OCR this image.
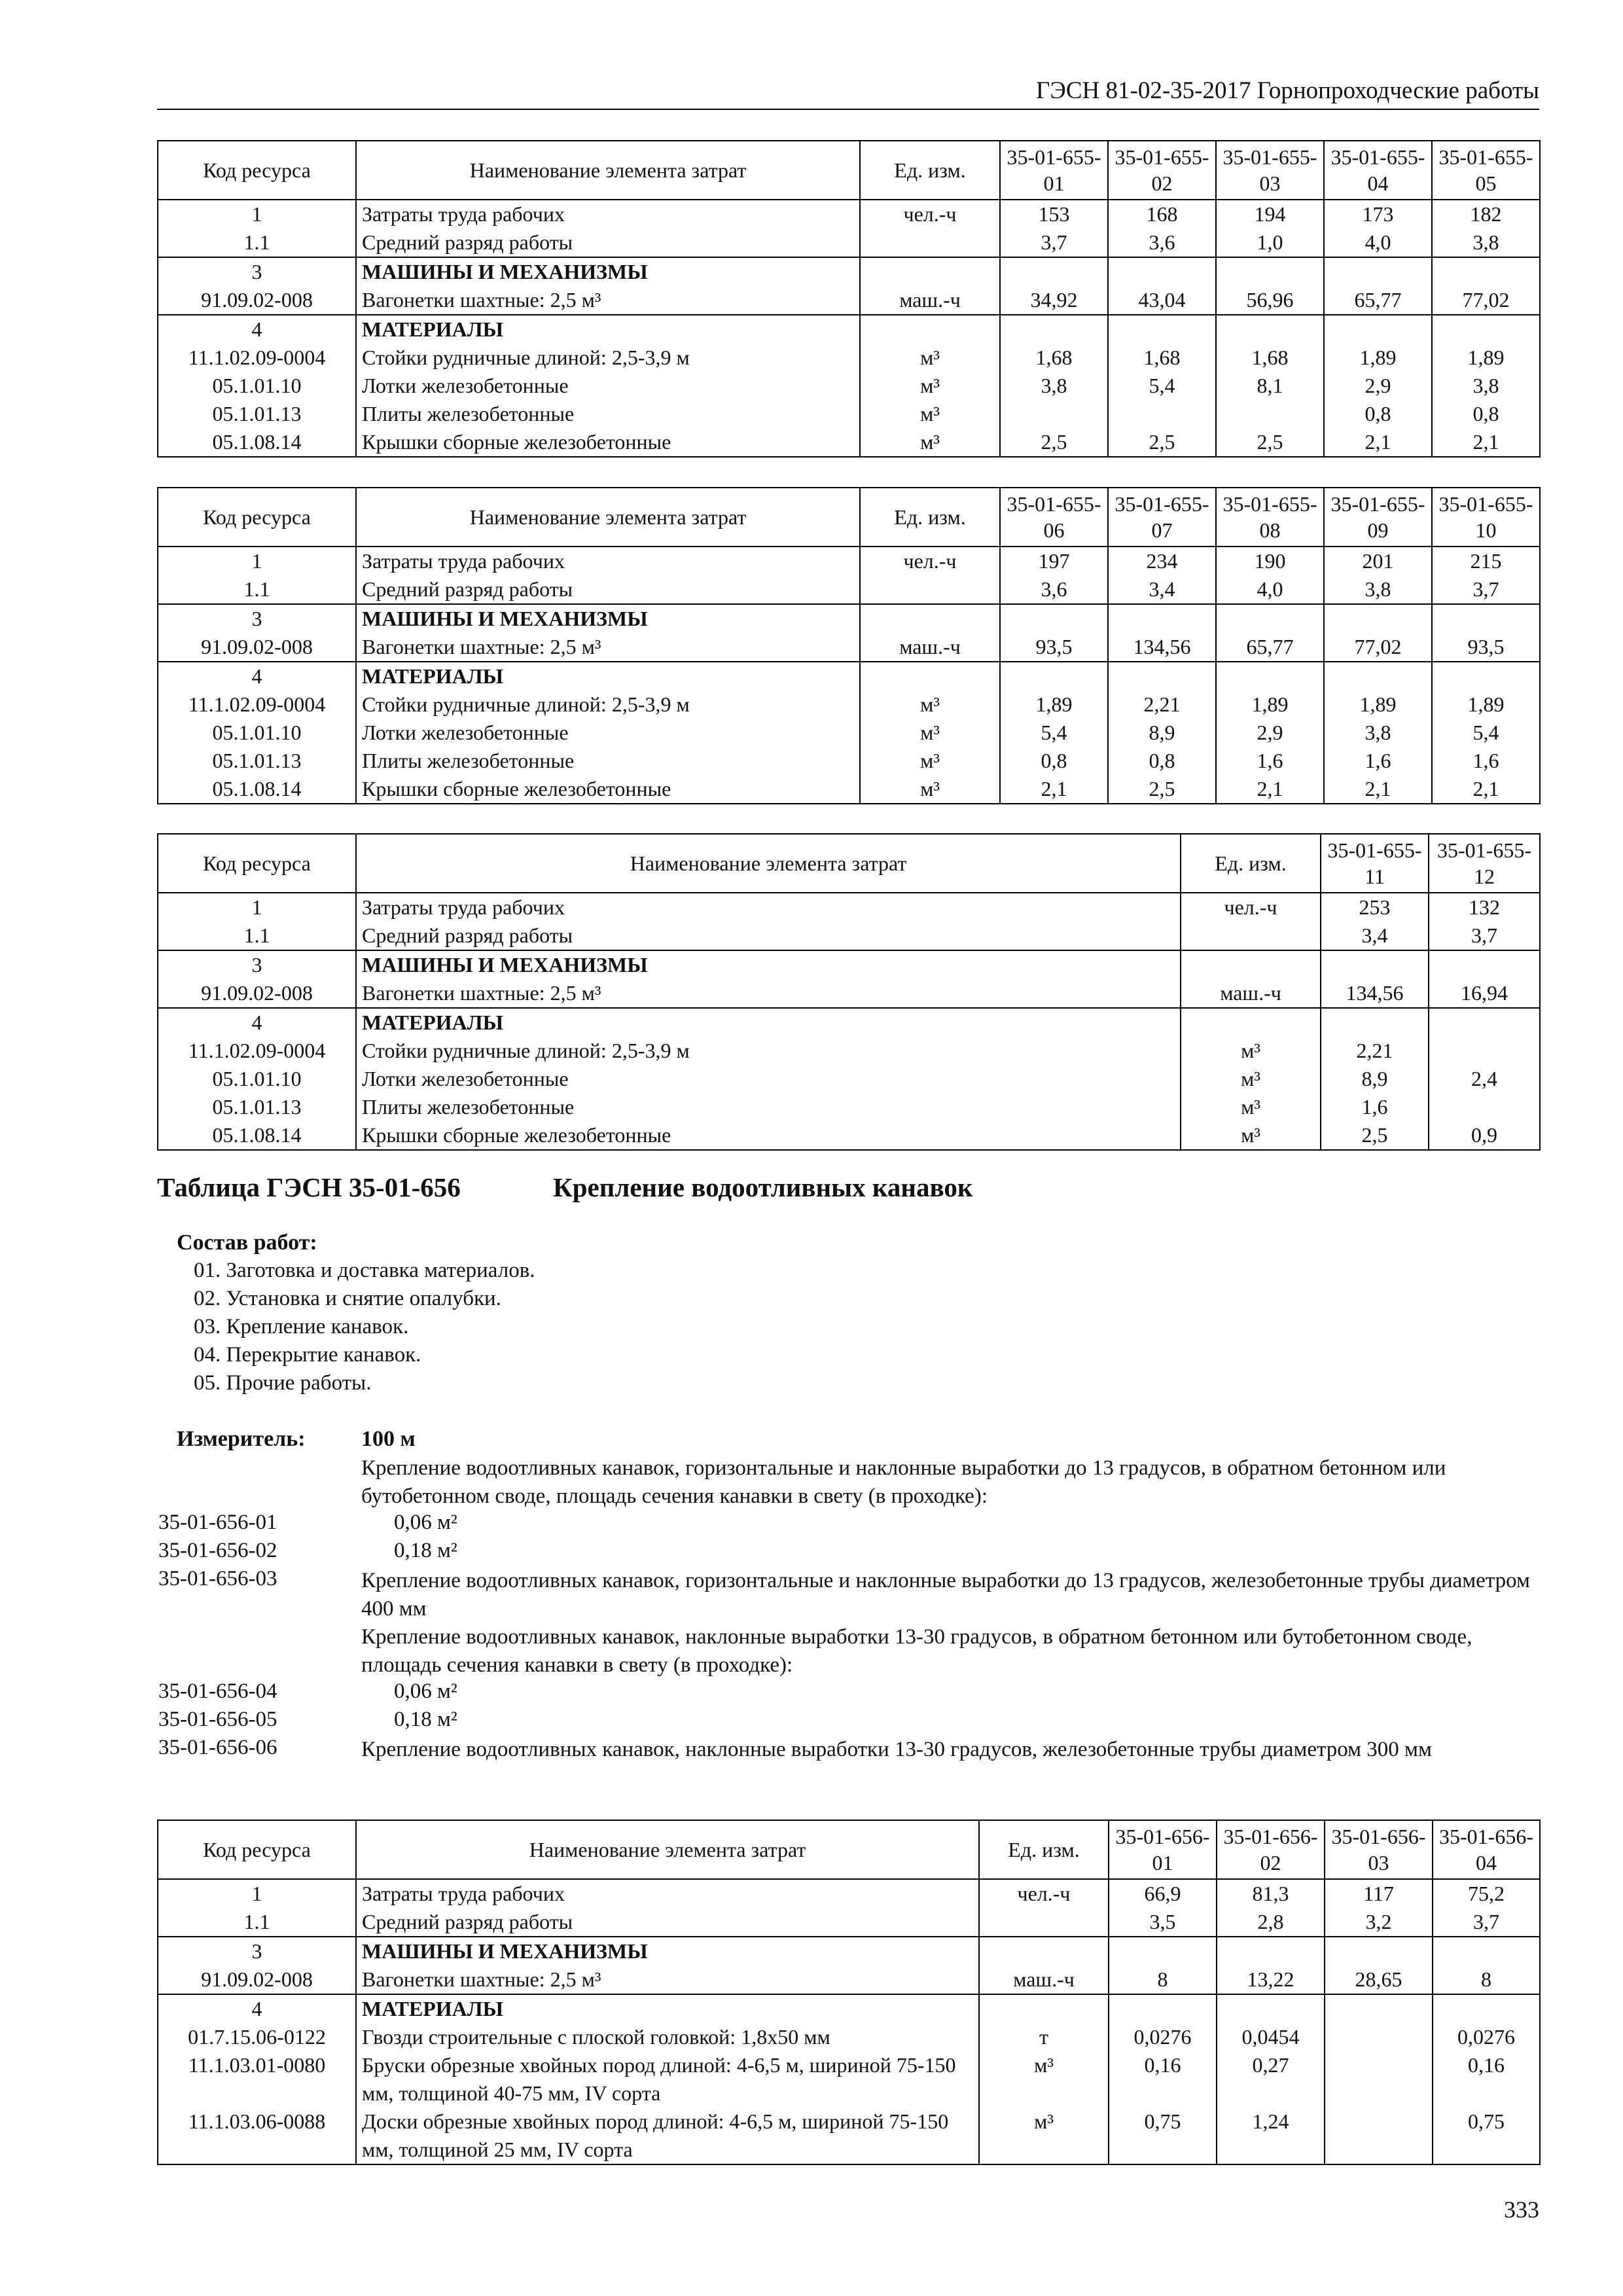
ГЭСН 81-02-35-2017 Горнопроходческие работы
Код ресурса	Наименование элемента затрат	Ед. изм.	35-01-655-01	35-01-655-02	35-01-655-03	35-01-655-04	35-01-655-05
1	Затраты труда рабочих	чел.-ч	153	168	194	173	182
1.1	Средний разряд работы		3,7	3,6	1,0	4,0	3,8
3	МАШИНЫ И МЕХАНИЗМЫ						
91.09.02-008	Вагонетки шахтные: 2,5 м³	маш.-ч	34,92	43,04	56,96	65,77	77,02
4	МАТЕРИАЛЫ						
11.1.02.09-0004	Стойки рудничные длиной: 2,5-3,9 м	м³	1,68	1,68	1,68	1,89	1,89
05.1.01.10	Лотки железобетонные	м³	3,8	5,4	8,1	2,9	3,8
05.1.01.13	Плиты железобетонные	м³				0,8	0,8
05.1.08.14	Крышки сборные железобетонные	м³	2,5	2,5	2,5	2,1	2,1
Код ресурса	Наименование элемента затрат	Ед. изм.	35-01-655-06	35-01-655-07	35-01-655-08	35-01-655-09	35-01-655-10
1	Затраты труда рабочих	чел.-ч	197	234	190	201	215
1.1	Средний разряд работы		3,6	3,4	4,0	3,8	3,7
3	МАШИНЫ И МЕХАНИЗМЫ						
91.09.02-008	Вагонетки шахтные: 2,5 м³	маш.-ч	93,5	134,56	65,77	77,02	93,5
4	МАТЕРИАЛЫ						
11.1.02.09-0004	Стойки рудничные длиной: 2,5-3,9 м	м³	1,89	2,21	1,89	1,89	1,89
05.1.01.10	Лотки железобетонные	м³	5,4	8,9	2,9	3,8	5,4
05.1.01.13	Плиты железобетонные	м³	0,8	0,8	1,6	1,6	1,6
05.1.08.14	Крышки сборные железобетонные	м³	2,1	2,5	2,1	2,1	2,1
Код ресурса	Наименование элемента затрат	Ед. изм.	35-01-655-11	35-01-655-12
1	Затраты труда рабочих	чел.-ч	253	132
1.1	Средний разряд работы		3,4	3,7
3	МАШИНЫ И МЕХАНИЗМЫ			
91.09.02-008	Вагонетки шахтные: 2,5 м³	маш.-ч	134,56	16,94
4	МАТЕРИАЛЫ			
11.1.02.09-0004	Стойки рудничные длиной: 2,5-3,9 м	м³	2,21	
05.1.01.10	Лотки железобетонные	м³	8,9	2,4
05.1.01.13	Плиты железобетонные	м³	1,6	
05.1.08.14	Крышки сборные железобетонные	м³	2,5	0,9
Таблица ГЭСН 35-01-656	Крепление водоотливных канавок
Состав работ:
01. Заготовка и доставка материалов.
02. Установка и снятие опалубки.
03. Крепление канавок.
04. Перекрытие канавок.
05. Прочие работы.
Измеритель:	100 м
Крепление водоотливных канавок, горизонтальные и наклонные выработки до 13 градусов, в обратном бетонном или бутобетонном своде, площадь сечения канавки в свету (в проходке):
35-01-656-01	0,06 м²
35-01-656-02	0,18 м²
35-01-656-03	Крепление водоотливных канавок, горизонтальные и наклонные выработки до 13 градусов, железобетонные трубы диаметром 400 мм
Крепление водоотливных канавок, наклонные выработки 13-30 градусов, в обратном бетонном или бутобетонном своде, площадь сечения канавки в свету (в проходке):
35-01-656-04	0,06 м²
35-01-656-05	0,18 м²
35-01-656-06	Крепление водоотливных канавок, наклонные выработки 13-30 градусов, железобетонные трубы диаметром 300 мм
Код ресурса	Наименование элемента затрат	Ед. изм.	35-01-656-01	35-01-656-02	35-01-656-03	35-01-656-04
1	Затраты труда рабочих	чел.-ч	66,9	81,3	117	75,2
1.1	Средний разряд работы		3,5	2,8	3,2	3,7
3	МАШИНЫ И МЕХАНИЗМЫ					
91.09.02-008	Вагонетки шахтные: 2,5 м³	маш.-ч	8	13,22	28,65	8
4	МАТЕРИАЛЫ					
01.7.15.06-0122	Гвозди строительные с плоской головкой: 1,8х50 мм	т	0,0276	0,0454		0,0276
11.1.03.01-0080	Бруски обрезные хвойных пород длиной: 4-6,5 м, шириной 75-150 мм, толщиной 40-75 мм, IV сорта	м³	0,16	0,27		0,16
11.1.03.06-0088	Доски обрезные хвойных пород длиной: 4-6,5 м, шириной 75-150 мм, толщиной 25 мм, IV сорта	м³	0,75	1,24		0,75
333
